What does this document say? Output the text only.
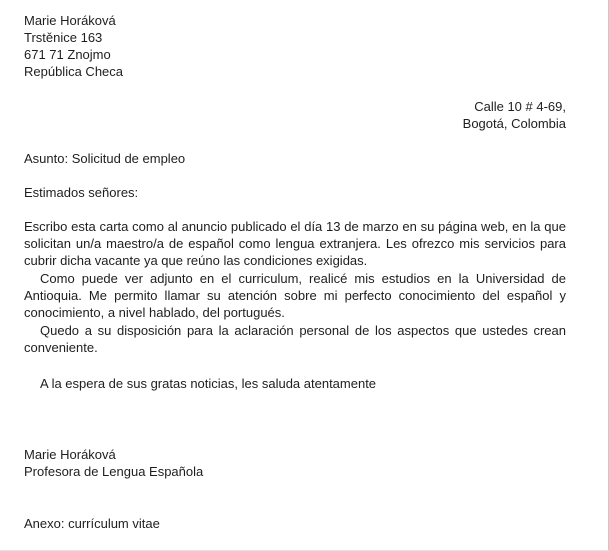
Marie Horáková
Trstěnice 163
671 71 Znojmo
República Checa
Calle 10 # 4-69,
Bogotá, Colombia
Asunto: Solicitud de empleo
Estimados señores:
Escribo esta carta como al anuncio publicado el día 13 de marzo en su página web, en la que
solicitan un/a maestro/a de español como lengua extranjera. Les ofrezco mis servicios para
cubrir dicha vacante ya que reúno las condiciones exigidas.
Como puede ver adjunto en el curriculum, realicé mis estudios en la Universidad de
Antioquia. Me permito llamar su atención sobre mi perfecto conocimiento del español y
conocimiento, a nivel hablado, del portugués.
Quedo a su disposición para la aclaración personal de los aspectos que ustedes crean
conveniente.
A la espera de sus gratas noticias, les saluda atentamente
Marie Horáková
Profesora de Lengua Española
Anexo: currículum vitae
